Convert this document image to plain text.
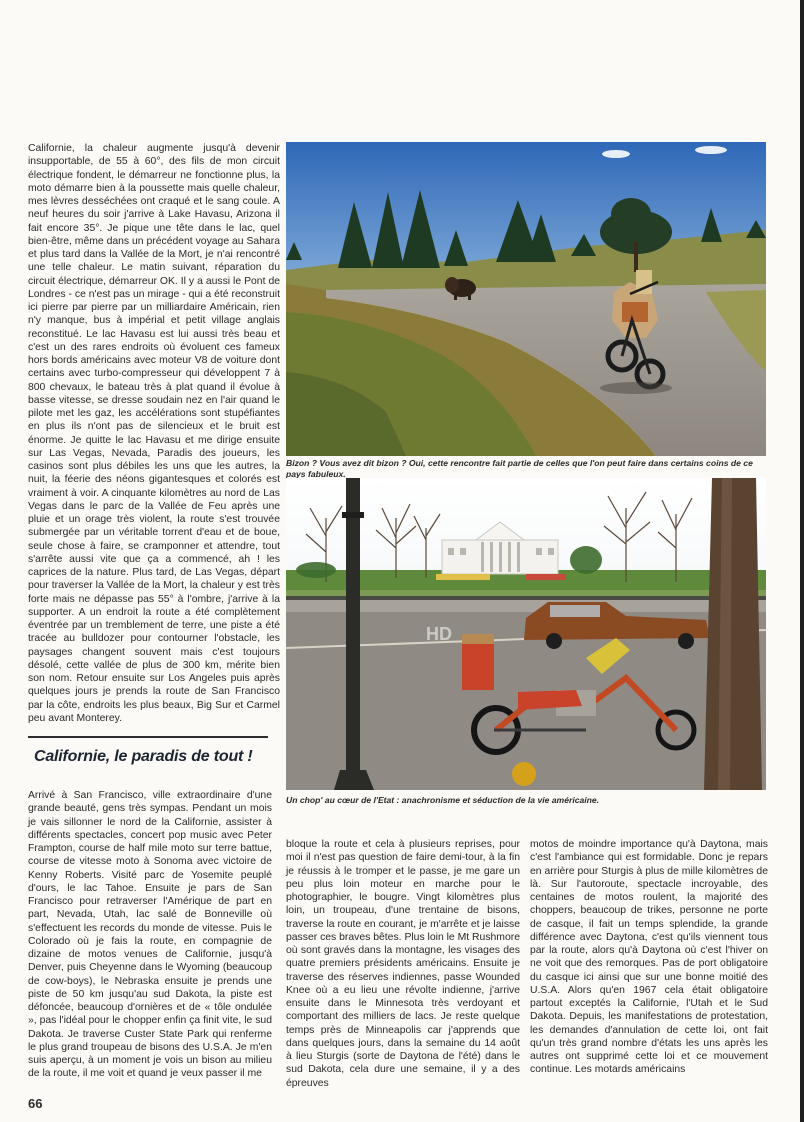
Californie, la chaleur augmente jusqu'à devenir insupportable, de 55 à 60°, des fils de mon circuit électrique fondent, le démarreur ne fonctionne plus, la moto démarre bien à la poussette mais quelle chaleur, mes lèvres desséchées ont craqué et le sang coule. A neuf heures du soir j'arrive à Lake Havasu, Arizona il fait encore 35°. Je pique une tête dans le lac, quel bien-être, même dans un précédent voyage au Sahara et plus tard dans la Vallée de la Mort, je n'ai rencontré une telle chaleur. Le matin suivant, réparation du circuit électrique, démarreur OK. Il y a aussi le Pont de Londres - ce n'est pas un mirage - qui a été reconstruit ici pierre par pierre par un milliardaire Américain, rien n'y manque, bus à impérial et petit village anglais reconstitué. Le lac Havasu est lui aussi très beau et c'est un des rares endroits où évoluent ces fameux hors bords américains avec moteur V8 de voiture dont certains avec turbo-compresseur qui développent 7 à 800 chevaux, le bateau très à plat quand il évolue à basse vitesse, se dresse soudain nez en l'air quand le pilote met les gaz, les accélérations sont stupéfiantes en plus ils n'ont pas de silencieux et le bruit est énorme. Je quitte le lac Havasu et me dirige ensuite sur Las Vegas, Nevada, Paradis des joueurs, les casinos sont plus débiles les uns que les autres, la nuit, la féerie des néons gigantesques et colorés est vraiment à voir. A cinquante kilomètres au nord de Las Vegas dans le parc de la Vallée de Feu après une pluie et un orage très violent, la route s'est trouvée submergée par un véritable torrent d'eau et de boue, seule chose à faire, se cramponner et attendre, tout s'arrête aussi vite que ça a commencé, ah ! les caprices de la nature. Plus tard, de Las Vegas, départ pour traverser la Vallée de la Mort, la chaleur y est très forte mais ne dépasse pas 55° à l'ombre, j'arrive à la supporter. A un endroit la route a été complètement éventrée par un tremblement de terre, une piste a été tracée au bulldozer pour contourner l'obstacle, les paysages changent souvent mais c'est toujours désolé, cette vallée de plus de 300 km, mérite bien son nom. Retour ensuite sur Los Angeles puis après quelques jours je prends la route de San Francisco par la côte, endroits les plus beaux, Big Sur et Carmel peu avant Monterey.

Californie, le paradis de tout !

Arrivé à San Francisco, ville extraordinaire d'une grande beauté, gens très sympas. Pendant un mois je vais sillonner le nord de la Californie, assister à différents spectacles, concert pop music avec Peter Frampton, course de half mile moto sur terre battue, course de vitesse moto à Sonoma avec victoire de Kenny Roberts. Visité parc de Yosemite peuplé d'ours, le lac Tahoe. Ensuite je pars de San Francisco pour retraverser l'Amérique de part en part, Nevada, Utah, lac salé de Bonneville où s'effectuent les records du monde de vitesse. Puis le Colorado où je fais la route, en compagnie de dizaine de motos venues de Californie, jusqu'à Denver, puis Cheyenne dans le Wyoming (beaucoup de cow-boys), le Nebraska ensuite je prends une piste de 50 km jusqu'au sud Dakota, la piste est défoncée, beaucoup d'ornières et de « tôle ondulée », pas l'idéal pour le chopper enfin ça finit vite, le sud Dakota. Je traverse Custer State Park qui renferme le plus grand troupeau de bisons des U.S.A. Je m'en suis aperçu, à un moment je vois un bison au milieu de la route, il me voit et quand je veux passer il me

bloque la route et cela à plusieurs reprises, pour moi il n'est pas question de faire demi-tour, à la fin je réussis à le tromper et le passe, je me gare un peu plus loin moteur en marche pour le photographier, le bougre. Vingt kilomètres plus loin, un troupeau, d'une trentaine de bisons, traverse la route en courant, je m'arrête et je laisse passer ces braves bêtes. Plus loin le Mt Rushmore où sont gravés dans la montagne, les visages des quatre premiers présidents américains. Ensuite je traverse des réserves indiennes, passe Wounded Knee où a eu lieu une révolte indienne, j'arrive ensuite dans le Minnesota très verdoyant et comportant des milliers de lacs. Je reste quelque temps près de Minneapolis car j'apprends que dans quelques jours, dans la semaine du 14 août à lieu Sturgis (sorte de Daytona de l'été) dans le sud Dakota, cela dure une semaine, il y a des épreuves

motos de moindre importance qu'à Daytona, mais c'est l'ambiance qui est formidable. Donc je repars en arrière pour Sturgis à plus de mille kilomètres de là. Sur l'autoroute, spectacle incroyable, des centaines de motos roulent, la majorité des choppers, beaucoup de trikes, personne ne porte de casque, il fait un temps splendide, la grande différence avec Daytona, c'est qu'ils viennent tous par la route, alors qu'à Daytona où c'est l'hiver on ne voit que des remorques. Pas de port obligatoire du casque ici ainsi que sur une bonne moitié des U.S.A. Alors qu'en 1967 cela était obligatoire partout exceptés la Californie, l'Utah et le Sud Dakota. Depuis, les manifestations de protestation, les demandes d'annulation de cette loi, ont fait qu'un très grand nombre d'états les uns après les autres ont supprimé cette loi et ce mouvement continue. Les motards américains

Bizon ? Vous avez dit bizon ? Oui, cette rencontre fait partie de celles que l'on peut faire dans certains coins de ce pays fabuleux.
HD
Un chop' au cœur de l'Etat : anachronisme et séduction de la vie américaine.
66
